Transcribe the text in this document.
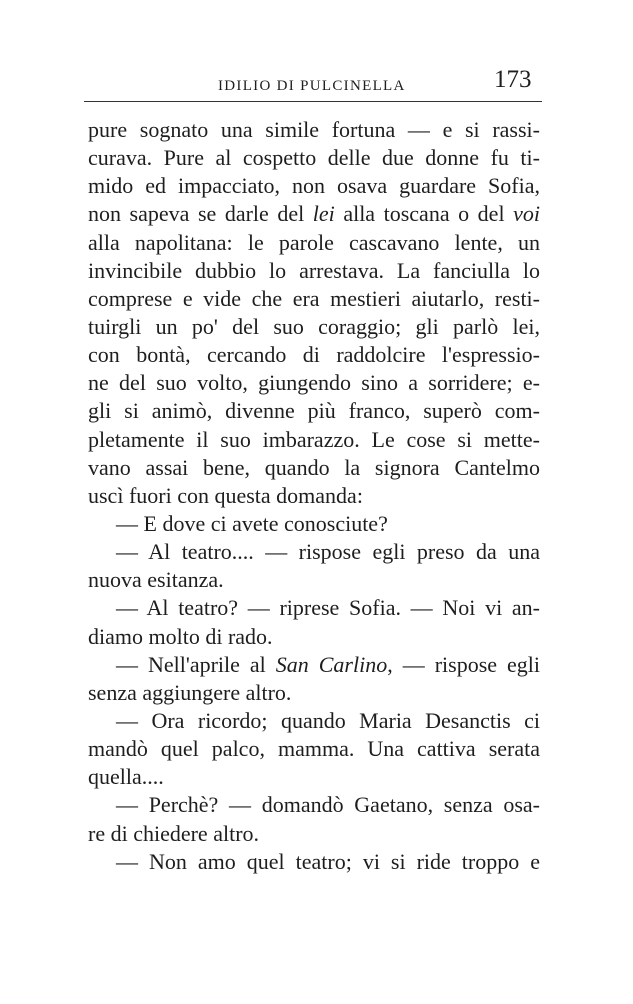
IDILIO DI PULCINELLA	173
pure sognato una simile fortuna — e si rassi-
curava. Pure al cospetto delle due donne fu ti-
mido ed impacciato, non osava guardare Sofia,
non sapeva se darle del lei alla toscana o del voi
alla napolitana: le parole cascavano lente, un
invincibile dubbio lo arrestava. La fanciulla lo
comprese e vide che era mestieri aiutarlo, resti-
tuirgli un po' del suo coraggio; gli parlò lei,
con bontà, cercando di raddolcire l'espressio-
ne del suo volto, giungendo sino a sorridere; e-
gli si animò, divenne più franco, superò com-
pletamente il suo imbarazzo. Le cose si mette-
vano assai bene, quando la signora Cantelmo
uscì fuori con questa domanda:
— E dove ci avete conosciute?
— Al teatro.... — rispose egli preso da una
nuova esitanza.
— Al teatro? — riprese Sofia. — Noi vi an-
diamo molto di rado.
— Nell'aprile al San Carlino, — rispose egli
senza aggiungere altro.
— Ora ricordo; quando Maria Desanctis ci
mandò quel palco, mamma. Una cattiva serata
quella....
— Perchè? — domandò Gaetano, senza osa-
re di chiedere altro.
— Non amo quel teatro; vi si ride troppo e
